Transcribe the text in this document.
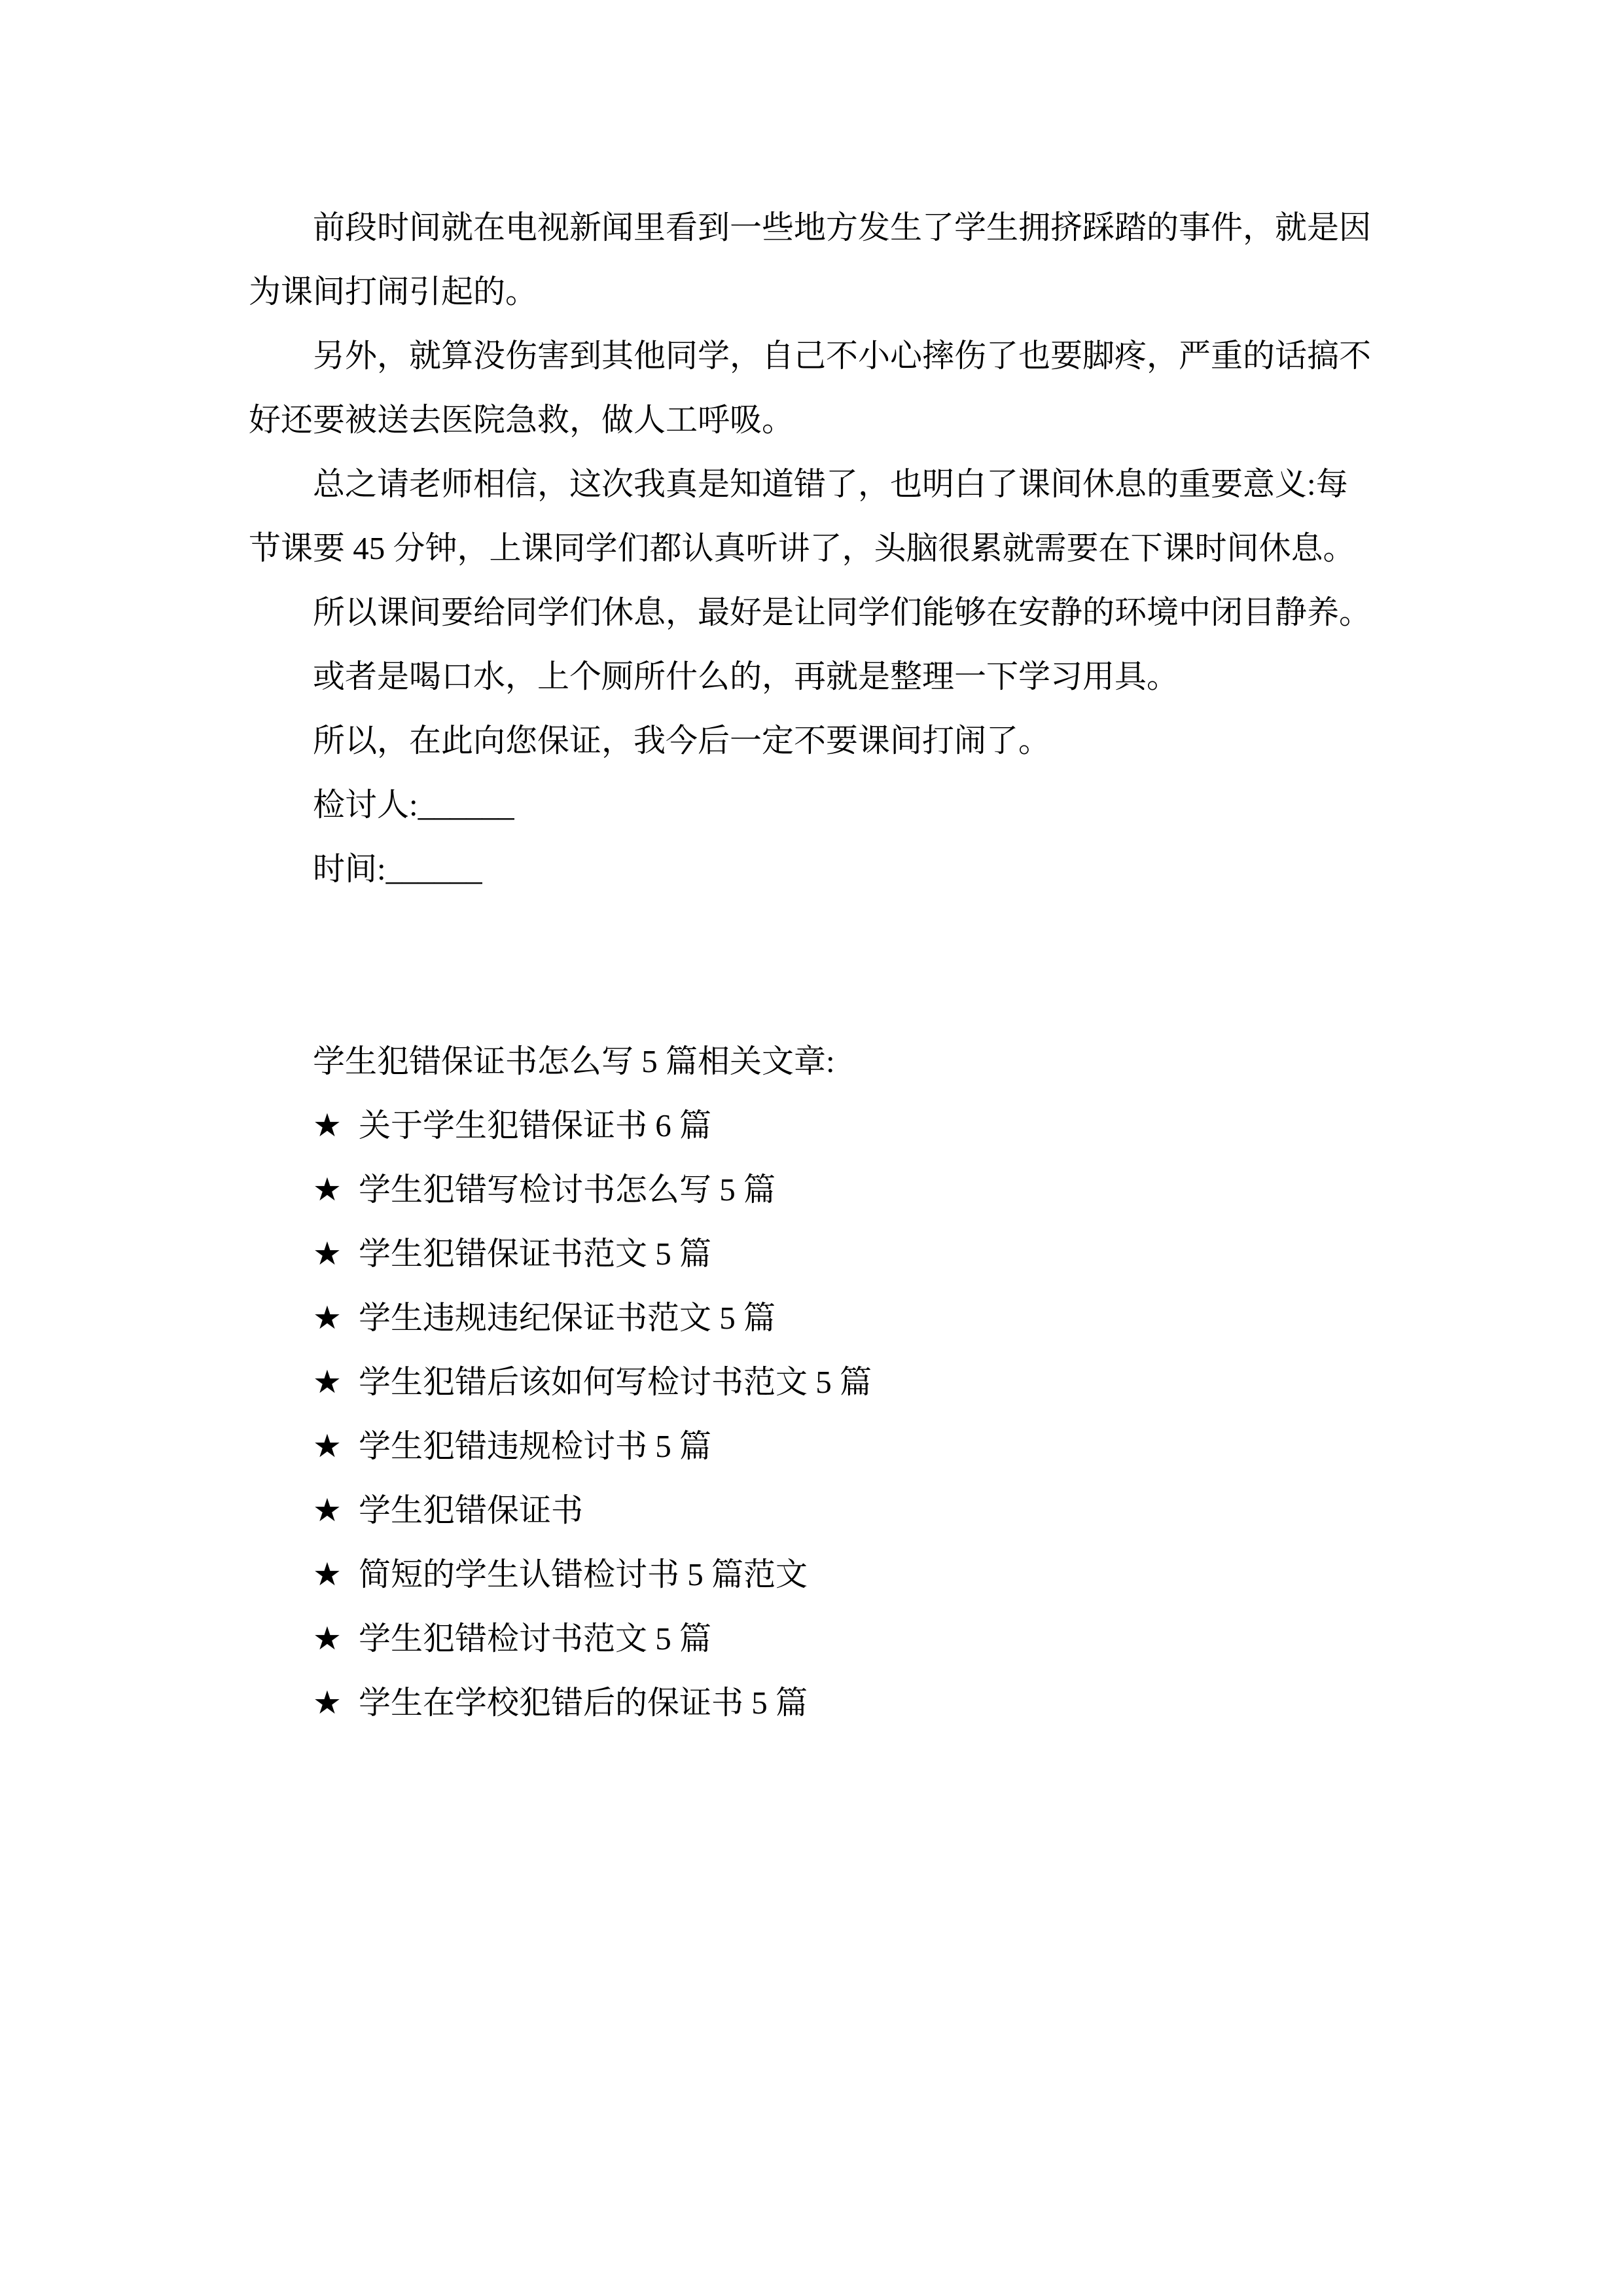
前段时间就在电视新闻里看到一些地方发生了学生拥挤踩踏的事件，就是因
为课间打闹引起的。
另外，就算没伤害到其他同学，自己不小心摔伤了也要脚疼，严重的话搞不
好还要被送去医院急救，做人工呼吸。
总之请老师相信，这次我真是知道错了，也明白了课间休息的重要意义:每
节课要 45 分钟，上课同学们都认真听讲了，头脑很累就需要在下课时间休息。
所以课间要给同学们休息，最好是让同学们能够在安静的环境中闭目静养。
或者是喝口水，上个厕所什么的，再就是整理一下学习用具。
所以，在此向您保证，我今后一定不要课间打闹了。
检讨人:______
时间:______
学生犯错保证书怎么写 5 篇相关文章:
★ 关于学生犯错保证书 6 篇
★ 学生犯错写检讨书怎么写 5 篇
★ 学生犯错保证书范文 5 篇
★ 学生违规违纪保证书范文 5 篇
★ 学生犯错后该如何写检讨书范文 5 篇
★ 学生犯错违规检讨书 5 篇
★ 学生犯错保证书
★ 简短的学生认错检讨书 5 篇范文
★ 学生犯错检讨书范文 5 篇
★ 学生在学校犯错后的保证书 5 篇
